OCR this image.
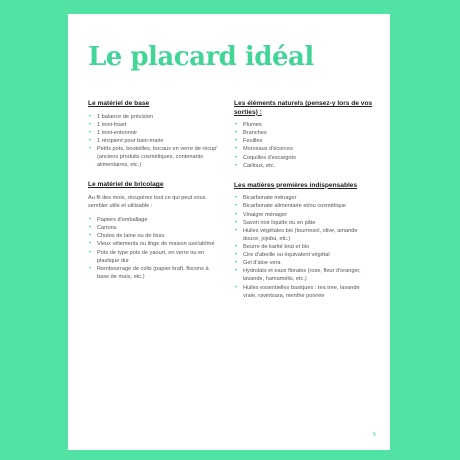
Le placard idéal
Le matériel de base
• 1 balance de précision
• 1 mini-fouet
• 1 mini-entonnoir
• 1 récipient pour bain-marie
• Petits pots, bouteilles, bocaux en verre de récup' (anciens produits cosmétiques, contenants alimentaires, etc.)
Le matériel de bricolage

Au fil des mois, récupérez tout ce qui peut vous sembler utile et utilisable :

• Papiers d'emballage
• Cartons
• Chutes de laine ou de tissu
• Vieux vêtements ou linge de maison usé/abîmé
• Pots de type pots de yaourt, en verre ou en plastique dur
• Rembourrage de colis (papier kraft, flocons à base de maïs, etc.)
Les éléments naturels (pensez-y lors de vos sorties) :
• Plumes
• Branches
• Feuilles
• Morceaux d'écorces
• Coquilles d'escargots
• Cailloux, etc.
Les matières premières indispensables
• Bicarbonate ménager
• Bicarbonate alimentaire et/ou cosmétique
• Vinaigre ménager
• Savon noir liquide ou en pâte
• Huiles végétales bio (tournesol, olive, amande douce, jojoba, etc.)
• Beurre de karité brut et bio
• Cire d'abeille ou équivalent végétal
• Gel d'aloe vera
• Hydrolats et eaux florales (rose, fleur d'oranger, lavande, hamamélis, etc.)
• Huiles essentielles basiques : tea tree, lavande vraie, ravintsara, menthe poivrée
5
